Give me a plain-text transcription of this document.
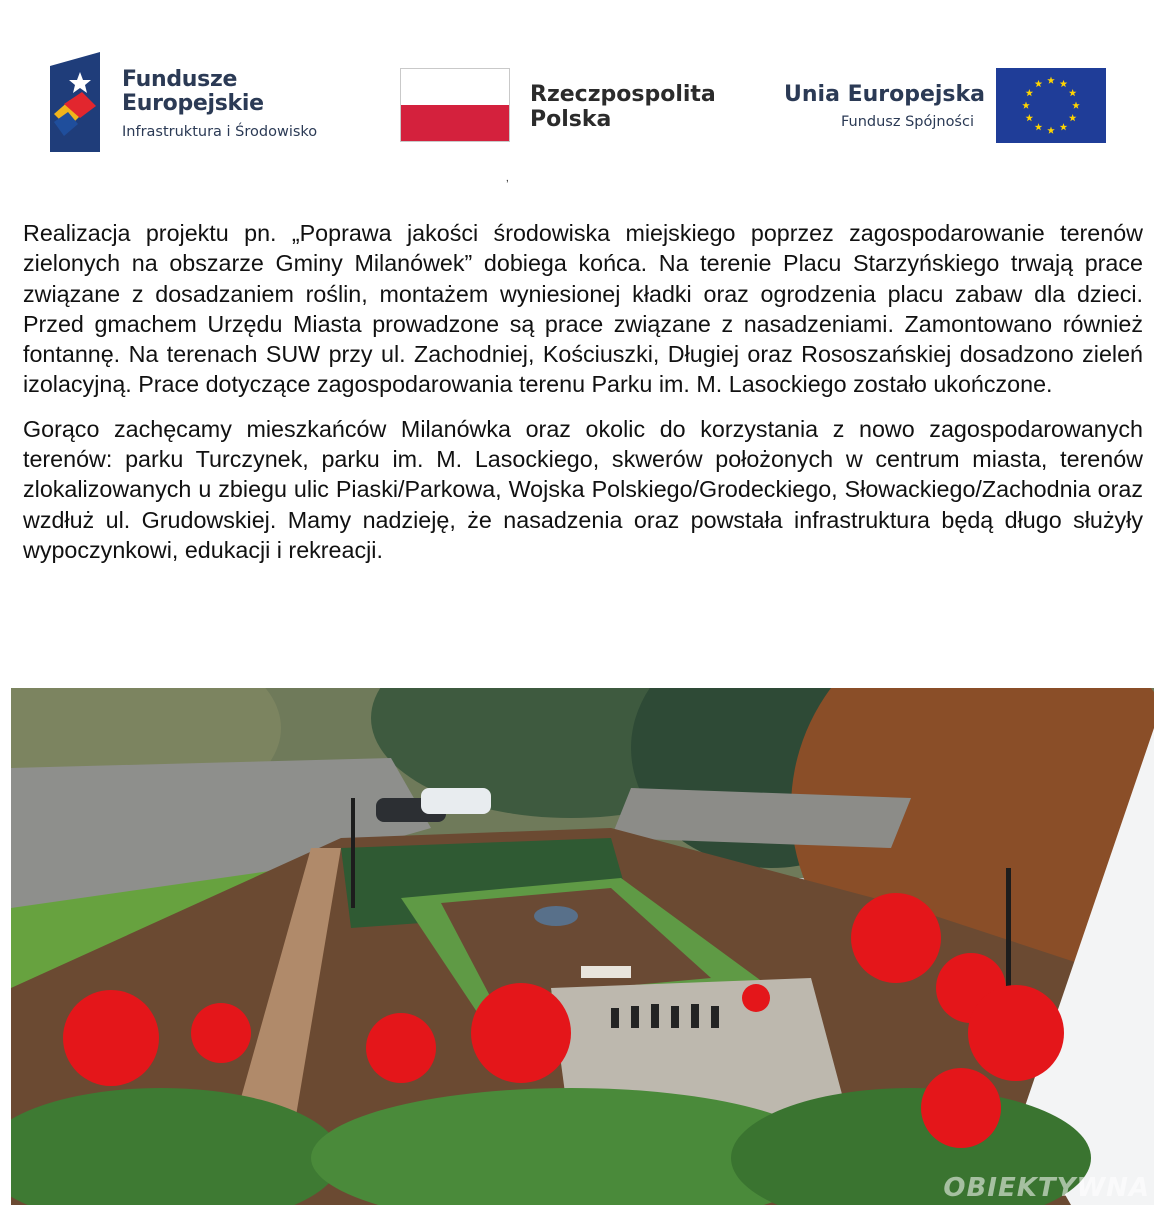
Fundusze
Europejskie
Infrastruktura i Środowisko
Rzeczpospolita
Polska
Unia Europejska
Fundusz Spójności
‚

Realizacja projektu pn. „Poprawa jakości środowiska miejskiego poprzez zagospodarowanie terenów zielonych na obszarze Gminy Milanówek” dobiega końca. Na terenie Placu Starzyńskiego trwają prace związane z dosadzaniem roślin, montażem wyniesionej kładki oraz ogrodzenia placu zabaw dla dzieci. Przed gmachem Urzędu Miasta prowadzone są prace związane z nasadzeniami. Zamontowano również fontannę. Na terenach SUW przy ul. Zachodniej, Kościuszki, Długiej oraz Rososzańskiej dosadzono zieleń izolacyjną. Prace dotyczące zagospodarowania terenu Parku im. M. Lasockiego zostało ukończone.

Gorąco zachęcamy mieszkańców Milanówka oraz okolic do korzystania z nowo zagospodarowanych terenów: parku Turczynek, parku im. M. Lasockiego, skwerów położonych w centrum miasta, terenów zlokalizowanych u zbiegu ulic Piaski/Parkowa, Wojska Polskiego/Grodeckiego, Słowackiego/Zachodnia oraz wzdłuż ul. Grudowskiej. Mamy nadzieję, że nasadzenia oraz powstała infrastruktura będą długo służyły wypoczynkowi, edukacji i rekreacji.

OBIEKTYWNA
